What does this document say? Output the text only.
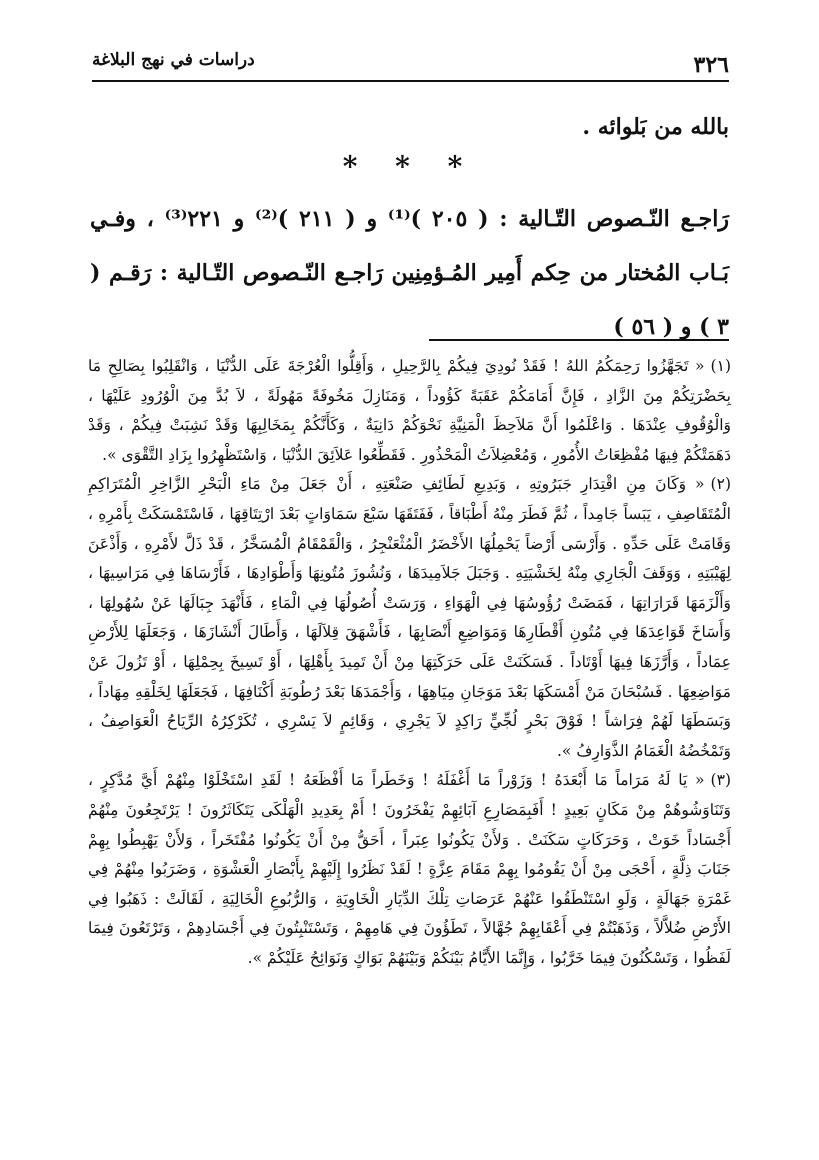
٣٢٦
دراسات في نهج البلاغة
بالله من بَلوائه .
* * *
رَاجـع النّـصوص التّـالية : ( ٢٠٥ )⁽¹⁾ و ( ٢١١ )⁽²⁾ و ٢٢١⁽³⁾ ، وفـي بَـاب المُختار من حِكم أَمِير المُـؤمِنِين رَاجـع النّـصوص التّـالية : رَقـم ( ٣ ) و ( ٥٦ )

(١)« تَجَهَّزُوا رَحِمَكُمُ اللهُ ! فَقَدْ نُودِيَ فِيكُمْ بِالرَّحِيلِ ، وَأَقِلُّوا الْعُرْجَةَ عَلَى الدُّنْيَا ، وَانْقَلِبُوا بِصَالِحِ مَا بِحَضْرَتِكُمْ مِنَ الزَّادِ ، فَإِنَّ أَمَامَكُمْ عَقَبَةً كَؤُوداً ، وَمَنَازِلَ مَخُوفَةً مَهُولَةً ، لاَ بُدَّ مِنَ الْوُرُودِ عَلَيْهَا ، وَالْوُقُوفِ عِنْدَهَا . وَاعْلَمُوا أَنَّ مَلاَحِظَ الْمَنِيَّةِ نَحْوَكُمْ دَانِيَةٌ ، وَكَأَنَّكُمْ بِمَخَالِبِهَا وَقَدْ نَشِبَتْ فِيكُمْ ، وَقَدْ دَهَمَتْكُمْ فِيهَا مُفْظِعَاتُ الأُمُورِ ، وَمُعْضِلاَتُ الْمَحْذُورِ . فَقَطِّعُوا عَلاَئِقَ الدُّنْيَا ، وَاسْتَظْهِرُوا بِزَادِ التَّقْوَى ».

(٢)« وَكَانَ مِنِ اقْتِدَارِ جَبَرُوتِهِ ، وَبَدِيعِ لَطَائِفِ صَنْعَتِهِ ، أَنْ جَعَلَ مِنْ مَاءِ الْبَحْرِ الزَّاخِرِ الْمُتَرَاكِمِ الْمُتَقَاصِفِ ، يَبَساً جَامِداً ، ثُمَّ فَطَرَ مِنْهُ أَطْبَاقاً ، فَفَتَقَهَا سَبْعَ سَمَاوَاتٍ بَعْدَ ارْتِتَاقِهَا ، فَاسْتَمْسَكَتْ بِأَمْرِهِ ، وَقَامَتْ عَلَى حَدِّهِ . وَأَرْسَى أَرْضاً يَحْمِلُهَا الأَخْضَرُ الْمُثْعَنْجِرُ ، وَالْقَمْقَامُ الْمُسَخَّرُ ، قَدْ ذَلَّ لأَمْرِهِ ، وَأَذْعَنَ لِهَيْبَتِهِ ، وَوَقَفَ الْجَارِي مِنْهُ لِخَشْيَتِهِ . وَجَبَلَ جَلاَمِيدَهَا ، وَنُشُوزَ مُتُونِهَا وَأَطْوَادِهَا ، فَأَرْسَاهَا فِي مَرَاسِيهَا ، وَأَلْزَمَهَا قَرَارَاتِهَا ، فَمَضَتْ رُؤُوسُهَا فِي الْهَوَاءِ ، وَرَسَتْ أُصُولُهَا فِي الْمَاءِ ، فَأَنْهَدَ جِبَالَهَا عَنْ سُهُولِهَا ، وَأَسَاخَ قَوَاعِدَهَا فِي مُتُونِ أَقْطَارِهَا وَمَوَاضِعِ أَنْصَابِهَا ، فَأَشْهَقَ قِلاَلَهَا ، وَأَطَالَ أَنْشَازَهَا ، وَجَعَلَهَا لِلأَرْضِ عِمَاداً ، وَأَرَّزَهَا فِيهَا أَوْتَاداً . فَسَكَنَتْ عَلَى حَرَكَتِهَا مِنْ أَنْ تَمِيدَ بِأَهْلِهَا ، أَوْ تَسِيخَ بِحِمْلِهَا ، أَوْ تَزُولَ عَنْ مَوَاضِعِهَا . فَسُبْحَانَ مَنْ أَمْسَكَهَا بَعْدَ مَوَجَانِ مِيَاهِهَا ، وَأَجْمَدَهَا بَعْدَ رُطُوبَةِ أَكْنَافِهَا ، فَجَعَلَهَا لِخَلْقِهِ مِهَاداً ، وَبَسَطَهَا لَهُمْ فِرَاشاً ! فَوْقَ بَحْرٍ لُجِّيٍّ رَاكِدٍ لاَ يَجْرِي ، وَقَائِمٍ لاَ يَسْرِي ، تُكَرْكِرُهُ الرِّيَاحُ الْعَوَاصِفُ ، وَتَمْخُضُهُ الْغَمَامُ الذَّوَارِفُ ».

(٣)« يَا لَهُ مَرَاماً مَا أَبْعَدَهُ ! وَزَوْراً مَا أَغْفَلَهُ ! وَخَطَراً مَا أَفْظَعَهُ ! لَقَدِ اسْتَخْلَوْا مِنْهُمْ أَيَّ مُدَّكِرٍ ، وَتَنَاوَشُوهُمْ مِنْ مَكَانٍ بَعِيدٍ ! أَفَبِمَصَارِعِ آبَائِهِمْ يَفْخَرُونَ ! أَمْ بِعَدِيدِ الْهَلْكَى يَتَكَاثَرُونَ ! يَرْتَجِعُونَ مِنْهُمْ أَجْسَاداً خَوَتْ ، وَحَرَكَاتٍ سَكَنَتْ . وَلأَنْ يَكُونُوا عِبَراً ، أَحَقُّ مِنْ أَنْ يَكُونُوا مُفْتَخَراً ، وَلأَنْ يَهْبِطُوا بِهِمْ جَنَابَ ذِلَّةٍ ، أَحْجَى مِنْ أَنْ يَقُومُوا بِهِمْ مَقَامَ عِزَّةٍ ! لَقَدْ نَظَرُوا إِلَيْهِمْ بِأَبْصَارِ الْعَشْوَةِ ، وَضَرَبُوا مِنْهُمْ فِي غَمْرَةِ جَهَالَةٍ ، وَلَوِ اسْتَنْطَقُوا عَنْهُمْ عَرَصَاتِ تِلْكَ الدِّيَارِ الْخَاوِيَةِ ، وَالرُّبُوعِ الْخَالِيَةِ ، لَقَالَتْ : ذَهَبُوا فِي الأَرْضِ ضُلاَّلاً ، وَذَهَبْتُمْ فِي أَعْقَابِهِمْ جُهَّالاً ، تَطَؤُونَ فِي هَامِهِمْ ، وَتَسْتَنْبِتُونَ فِي أَجْسَادِهِمْ ، وَتَرْتَعُونَ فِيمَا لَفَظُوا ، وَتَسْكُنُونَ فِيمَا خَرَّبُوا ، وَإِنَّمَا الأَيَّامُ بَيْنَكُمْ وَبَيْنَهُمْ بَوَاكٍ وَنَوَائِحُ عَلَيْكُمْ ».
